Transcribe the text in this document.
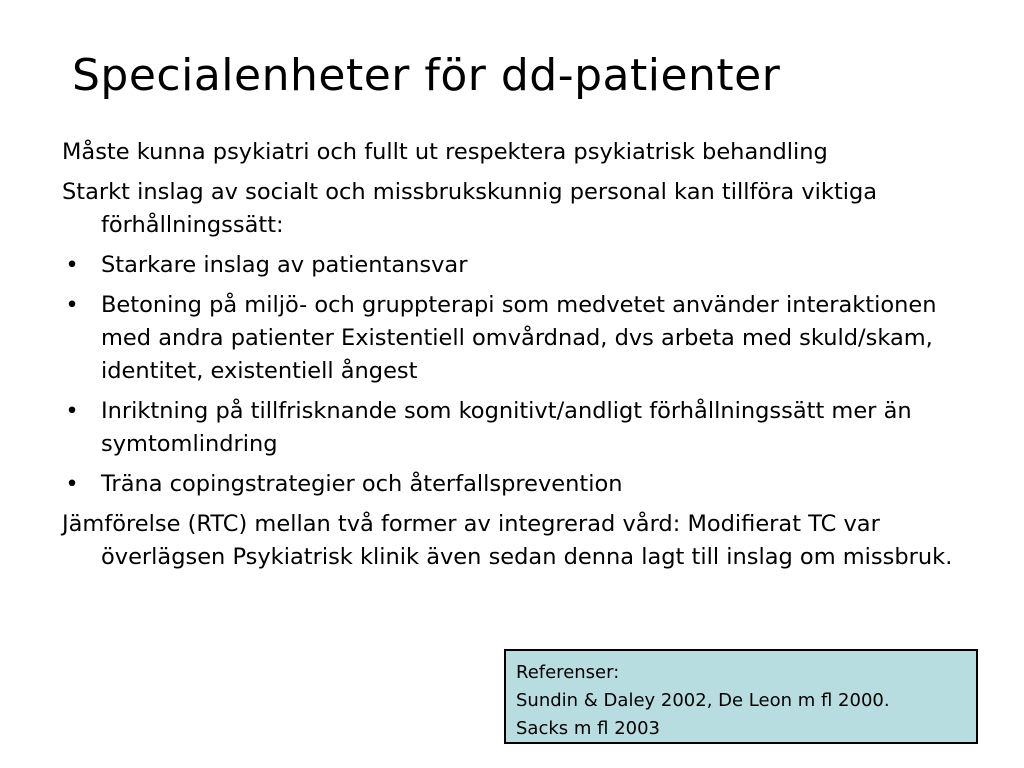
Specialenheter för dd-patienter
Måste kunna psykiatri och fullt ut respektera psykiatrisk behandling
Starkt inslag av socialt och missbrukskunnig personal kan tillföra viktiga förhållningssätt:
• Starkare inslag av patientansvar
• Betoning på miljö- och gruppterapi som medvetet använder interaktionen med andra patienter Existentiell omvårdnad, dvs arbeta med skuld/skam, identitet, existentiell ångest
• Inriktning på tillfrisknande som kognitivt/andligt förhållningssätt mer än symtomlindring
• Träna copingstrategier och återfallsprevention
Jämförelse (RTC) mellan två former av integrerad vård: Modifierat TC var överlägsen Psykiatrisk klinik även sedan denna lagt till inslag om missbruk.
Referenser:
Sundin & Daley 2002, De Leon m fl 2000.
Sacks m fl 2003
